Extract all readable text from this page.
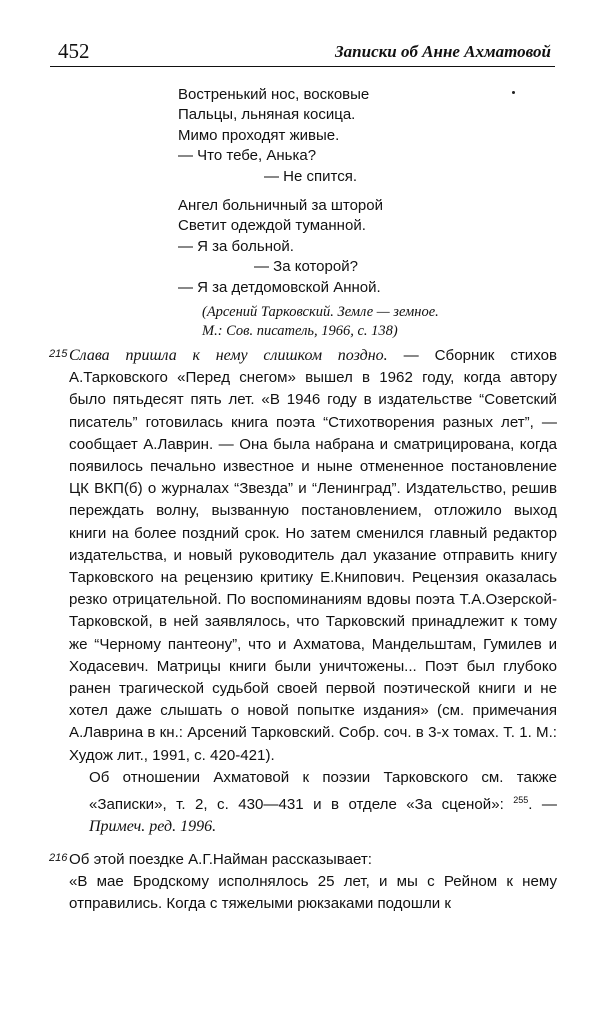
452	Записки об Анне Ахматовой
Востренький нос, восковые
Пальцы, льняная косица.
Мимо проходят живые.
— Что тебе, Анька?
— Не спится.
Ангел больничный за шторой
Светит одеждой туманной.
— Я за больной.
— За которой?
— Я за детдомовской Анной.
(Арсений Тарковский. Земле — земное.
М.: Сов. писатель, 1966, с. 138)
215 Слава пришла к нему слишком поздно. — Сборник стихов А.Тарковского «Перед снегом» вышел в 1962 году, когда автору было пятьдесят пять лет. «В 1946 году в издательстве “Советский писатель” готовилась книга поэта “Стихотворения разных лет”, — сообщает А.Лаврин. — Она была набрана и сматрицирована, когда появилось печально известное и ныне отмененное постановление ЦК ВКП(б) о журналах “Звезда” и “Ленинград”. Издательство, решив переждать волну, вызванную постановлением, отложило выход книги на более поздний срок. Но затем сменился главный редактор издательства, и новый руководитель дал указание отправить книгу Тарковского на рецензию критику Е.Книпович. Рецензия оказалась резко отрицательной. По воспоминаниям вдовы поэта Т.А.Озерской-Тарковской, в ней заявлялось, что Тарковский принадлежит к тому же “Черному пантеону”, что и Ахматова, Мандельштам, Гумилев и Ходасевич. Матрицы книги были уничтожены... Поэт был глубоко ранен трагической судьбой своей первой поэтической книги и не хотел даже слышать о новой попытке издания» (см. примечания А.Лаврина в кн.: Арсений Тарковский. Собр. соч. в 3-х томах. Т. 1. М.: Худож лит., 1991, с. 420-421).
Об отношении Ахматовой к поэзии Тарковского см. также «Записки», т. 2, с. 430—431 и в отделе «За сценой»: $^{255}$. — Примеч. ред. 1996.
216 Об этой поездке А.Г.Найман рассказывает:
«В мае Бродскому исполнялось 25 лет, и мы с Рейном к нему отправились. Когда с тяжелыми рюкзаками подошли к
